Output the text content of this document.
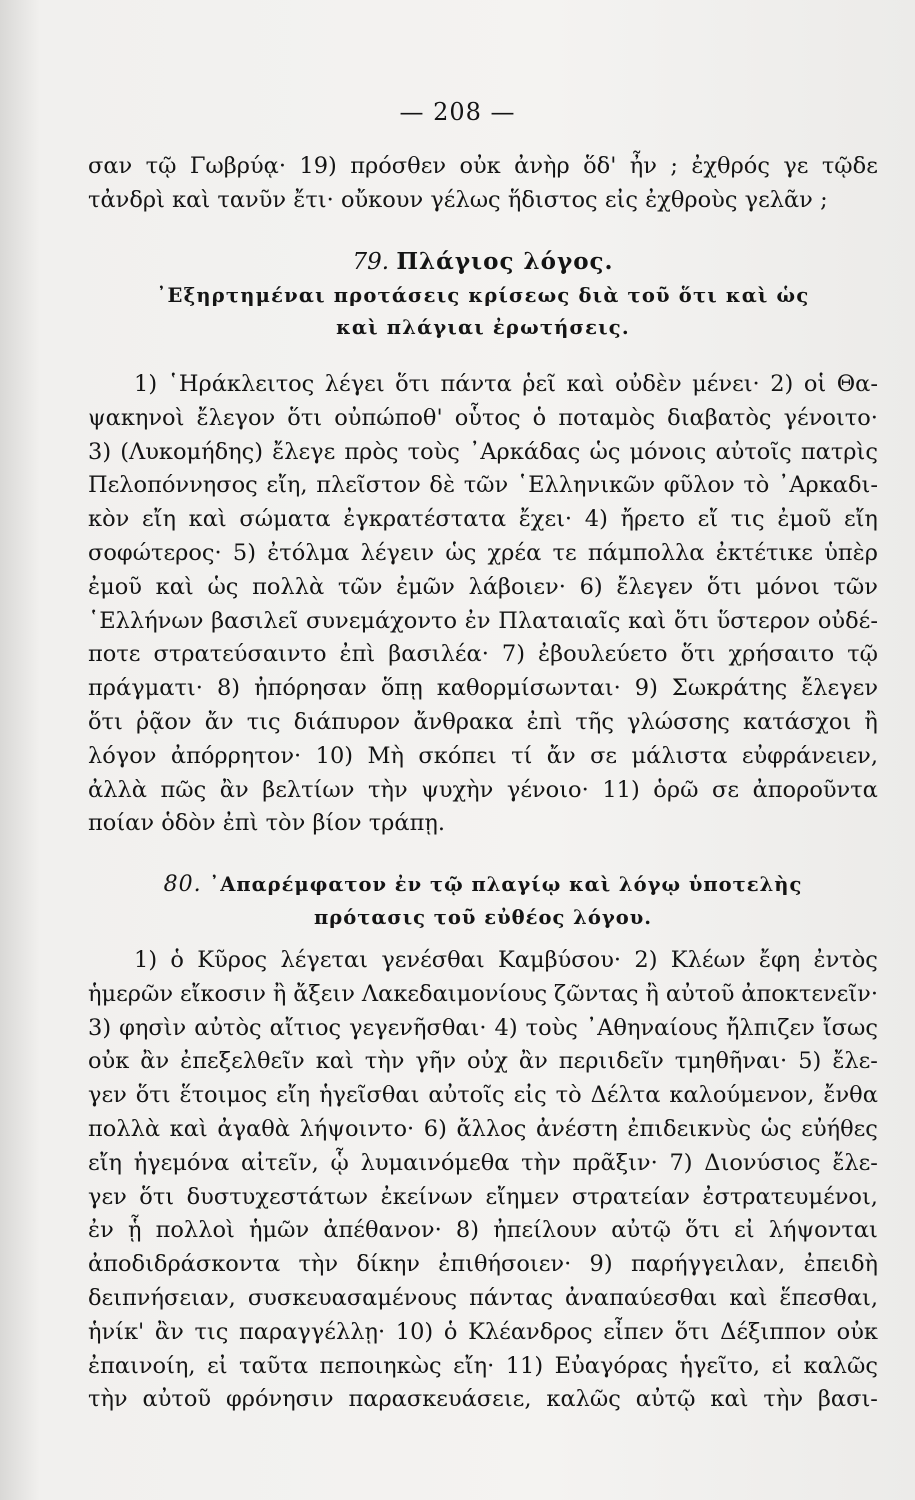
— 208 —
σαν τῷ Γωβρύᾳ· 19) πρόσθεν οὐκ ἀνὴρ ὅδ' ἦν ; ἐχθρός γε τῷδε
τἀνδρὶ καὶ τανῦν ἔτι· οὔκουν γέλως ἥδιστος εἰς ἐχθροὺς γελᾶν ;
79. Πλάγιος λόγος.
᾿Εξηρτημέναι προτάσεις κρίσεως διὰ τοῦ ὅτι καὶ ὡς
καὶ πλάγιαι ἐρωτήσεις.
1) ῾Ηράκλειτος λέγει ὅτι πάντα ῥεῖ καὶ οὐδὲν μένει· 2) οἱ Θα-
ψακηνοὶ ἔλεγον ὅτι οὐπώποθ' οὗτος ὁ ποταμὸς διαβατὸς γένοιτο·
3) (Λυκομήδης) ἔλεγε πρὸς τοὺς ᾿Αρκάδας ὡς μόνοις αὐτοῖς πατρὶς
Πελοπόννησος εἴη, πλεῖστον δὲ τῶν ῾Ελληνικῶν φῦλον τὸ ᾿Αρκαδι-
κὸν εἴη καὶ σώματα ἐγκρατέστατα ἔχει· 4) ἤρετο εἴ τις ἐμοῦ εἴη
σοφώτερος· 5) ἐτόλμα λέγειν ὡς χρέα τε πάμπολλα ἐκτέτικε ὑπὲρ
ἐμοῦ καὶ ὡς πολλὰ τῶν ἐμῶν λάβοιεν· 6) ἔλεγεν ὅτι μόνοι τῶν
῾Ελλήνων βασιλεῖ συνεμάχοντο ἐν Πλαταιαῖς καὶ ὅτι ὕστερον οὐδέ-
ποτε στρατεύσαιντο ἐπὶ βασιλέα· 7) ἐβουλεύετο ὅτι χρήσαιτο τῷ
πράγματι· 8) ἠπόρησαν ὅπῃ καθορμίσωνται· 9) Σωκράτης ἔλεγεν
ὅτι ῥᾷον ἄν τις διάπυρον ἄνθρακα ἐπὶ τῆς γλώσσης κατάσχοι ἢ
λόγον ἀπόρρητον· 10) Μὴ σκόπει τί ἄν σε μάλιστα εὐφράνειεν,
ἀλλὰ πῶς ἂν βελτίων τὴν ψυχὴν γένοιο· 11) ὁρῶ σε ἀποροῦντα
ποίαν ὁδὸν ἐπὶ τὸν βίον τράπῃ.
80. ᾿Απαρέμφατον ἐν τῷ πλαγίῳ καὶ λόγῳ ὑποτελὴς
πρότασις τοῦ εὐθέος λόγου.
1) ὁ Κῦρος λέγεται γενέσθαι Καμβύσου· 2) Κλέων ἔφη ἐντὸς
ἡμερῶν εἴκοσιν ἢ ἄξειν Λακεδαιμονίους ζῶντας ἢ αὐτοῦ ἀποκτενεῖν·
3) φησὶν αὐτὸς αἴτιος γεγενῆσθαι· 4) τοὺς ᾿Αθηναίους ἤλπιζεν ἴσως
οὐκ ἂν ἐπεξελθεῖν καὶ τὴν γῆν οὐχ ἂν περιιδεῖν τμηθῆναι· 5) ἔλε-
γεν ὅτι ἕτοιμος εἴη ἡγεῖσθαι αὐτοῖς εἰς τὸ Δέλτα καλούμενον, ἔνθα
πολλὰ καὶ ἀγαθὰ λήψοιντο· 6) ἄλλος ἀνέστη ἐπιδεικνὺς ὡς εὐήθες
εἴη ἡγεμόνα αἰτεῖν, ᾧ λυμαινόμεθα τὴν πρᾶξιν· 7) Διονύσιος ἔλε-
γεν ὅτι δυστυχεστάτων ἐκείνων εἴημεν στρατείαν ἐστρατευμένοι,
ἐν ᾗ πολλοὶ ἡμῶν ἀπέθανον· 8) ἠπείλουν αὐτῷ ὅτι εἰ λήψονται
ἀποδιδράσκοντα τὴν δίκην ἐπιθήσοιεν· 9) παρήγγειλαν, ἐπειδὴ
δειπνήσειαν, συσκευασαμένους πάντας ἀναπαύεσθαι καὶ ἕπεσθαι,
ἡνίκ' ἂν τις παραγγέλλῃ· 10) ὁ Κλέανδρος εἶπεν ὅτι Δέξιππον οὐκ
ἐπαινοίη, εἰ ταῦτα πεποιηκὼς εἴη· 11) Εὐαγόρας ἡγεῖτο, εἰ καλῶς
τὴν αὐτοῦ φρόνησιν παρασκευάσειε, καλῶς αὐτῷ καὶ τὴν βασι-
